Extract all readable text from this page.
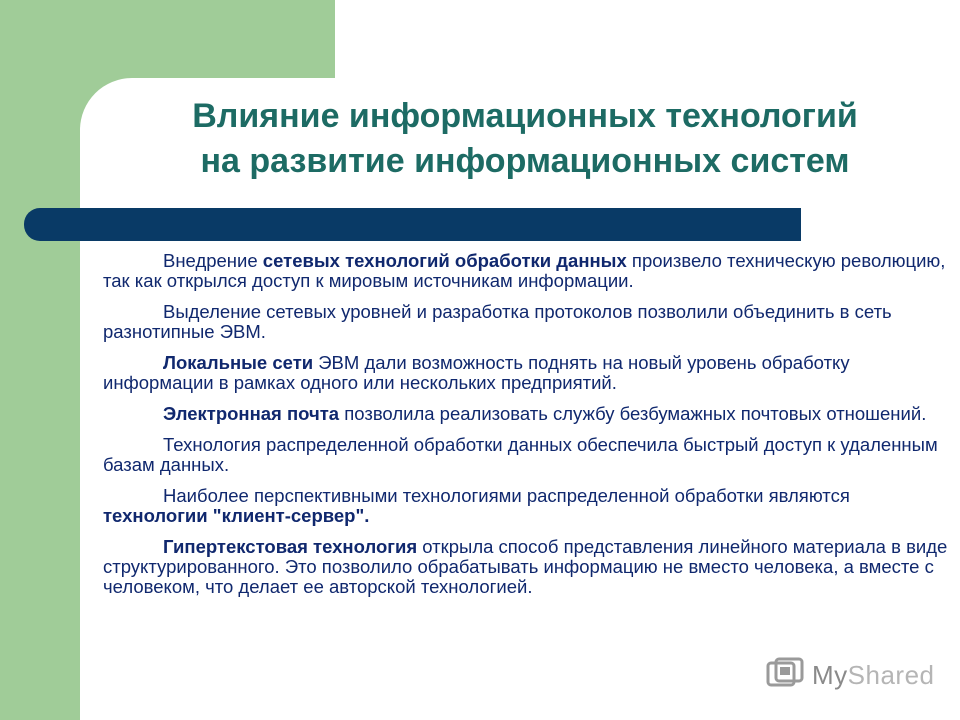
Влияние информационных технологий
на развитие информационных систем

Внедрение сетевых технологий обработки данных произвело техническую революцию, так как открылся доступ к мировым источникам информации.

Выделение сетевых уровней и разработка протоколов позволили объединить в сеть разнотипные ЭВМ.

Локальные сети ЭВМ дали возможность поднять на новый уровень обработку информации в рамках одного или нескольких предприятий.

Электронная почта позволила реализовать службу безбумажных почтовых отношений.

Технология распределенной обработки данных обеспечила быстрый доступ к удаленным базам данных.

Наиболее перспективными технологиями распределенной обработки являются технологии "клиент-сервер".

Гипертекстовая технология открыла способ представления линейного материала в виде структурированного. Это позволило обрабатывать информацию не вместо человека, а вместе с человеком, что делает ее авторской технологией.

MyShared
